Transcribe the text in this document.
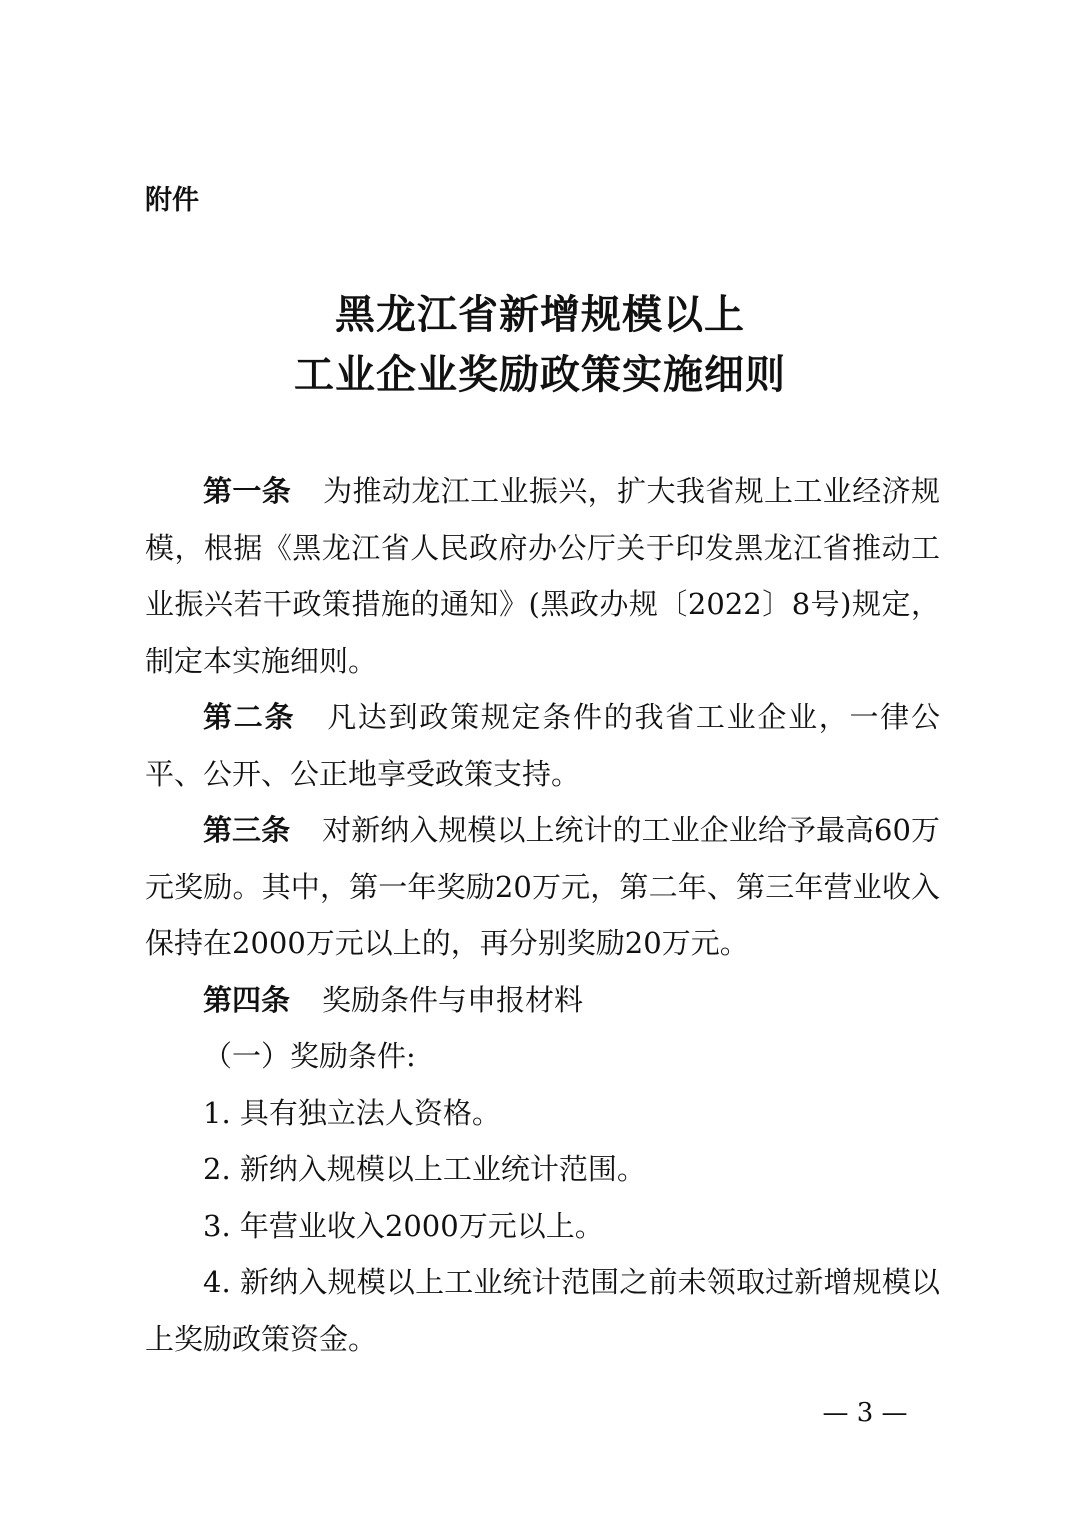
附件
黑龙江省新增规模以上
工业企业奖励政策实施细则

第一条 为推动龙江工业振兴，扩大我省规上工业经济规模，根据《黑龙江省人民政府办公厅关于印发黑龙江省推动工业振兴若干政策措施的通知》(黑政办规〔2022〕8号)规定，制定本实施细则。

第二条 凡达到政策规定条件的我省工业企业，一律公平、公开、公正地享受政策支持。

第三条 对新纳入规模以上统计的工业企业给予最高60万元奖励。其中，第一年奖励20万元，第二年、第三年营业收入保持在2000万元以上的，再分别奖励20万元。

第四条 奖励条件与申报材料

（一）奖励条件:

1. 具有独立法人资格。

2. 新纳入规模以上工业统计范围。

3. 年营业收入2000万元以上。

4. 新纳入规模以上工业统计范围之前未领取过新增规模以上奖励政策资金。

— 3 —
